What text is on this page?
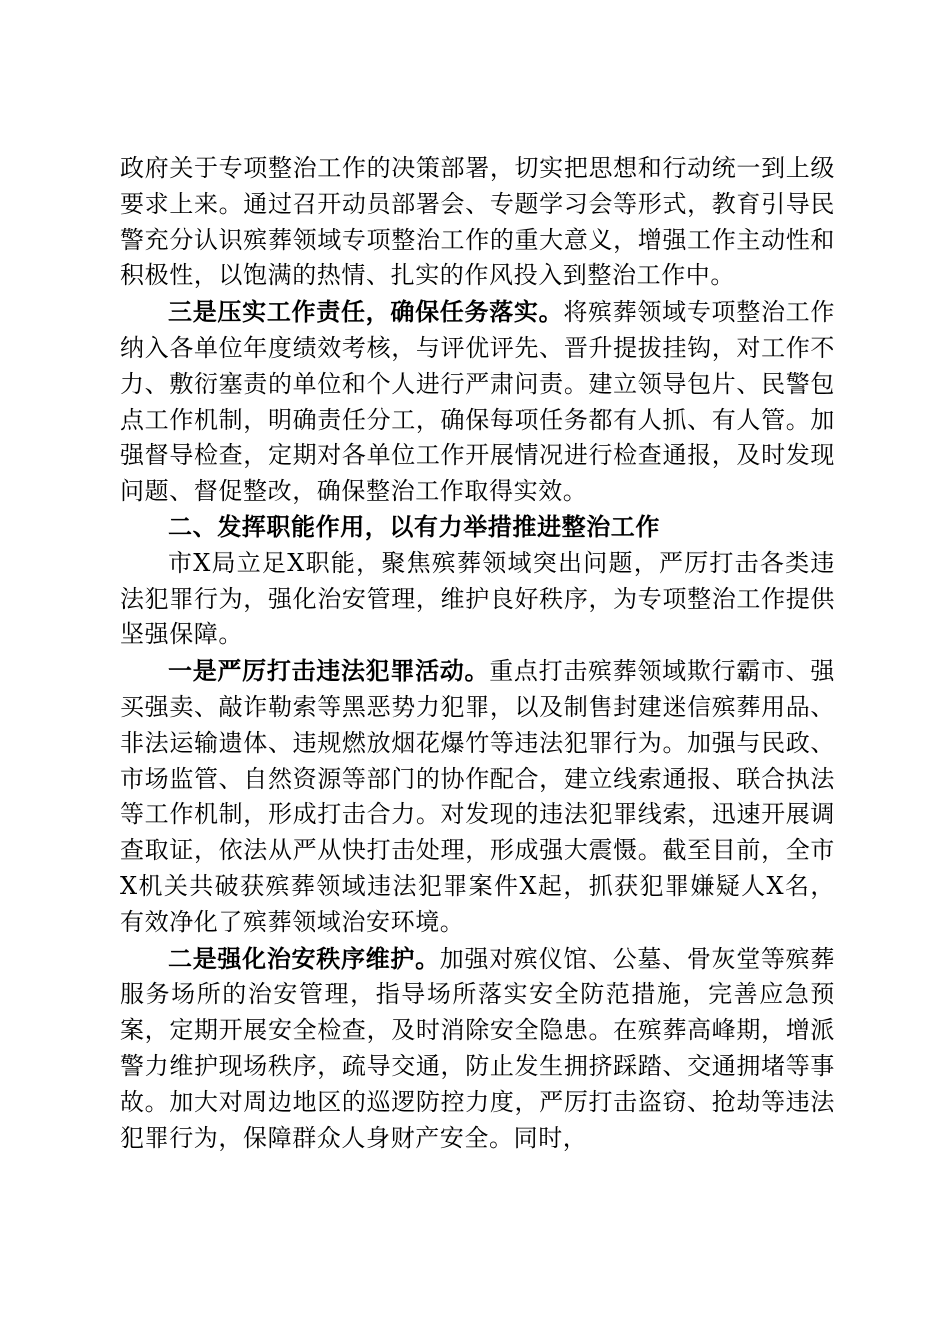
政府关于专项整治工作的决策部署，切实把思想和行动统一到上级要求上来。通过召开动员部署会、专题学习会等形式，教育引导民警充分认识殡葬领域专项整治工作的重大意义，增强工作主动性和积极性，以饱满的热情、扎实的作风投入到整治工作中。

三是压实工作责任，确保任务落实。将殡葬领域专项整治工作纳入各单位年度绩效考核，与评优评先、晋升提拔挂钩，对工作不力、敷衍塞责的单位和个人进行严肃问责。建立领导包片、民警包点工作机制，明确责任分工，确保每项任务都有人抓、有人管。加强督导检查，定期对各单位工作开展情况进行检查通报，及时发现问题、督促整改，确保整治工作取得实效。

二、发挥职能作用，以有力举措推进整治工作

市X局立足X职能，聚焦殡葬领域突出问题，严厉打击各类违法犯罪行为，强化治安管理，维护良好秩序，为专项整治工作提供坚强保障。

一是严厉打击违法犯罪活动。重点打击殡葬领域欺行霸市、强买强卖、敲诈勒索等黑恶势力犯罪，以及制售封建迷信殡葬用品、非法运输遗体、违规燃放烟花爆竹等违法犯罪行为。加强与民政、市场监管、自然资源等部门的协作配合，建立线索通报、联合执法等工作机制，形成打击合力。对发现的违法犯罪线索，迅速开展调查取证，依法从严从快打击处理，形成强大震慑。截至目前，全市X机关共破获殡葬领域违法犯罪案件X起，抓获犯罪嫌疑人X名，有效净化了殡葬领域治安环境。

二是强化治安秩序维护。加强对殡仪馆、公墓、骨灰堂等殡葬服务场所的治安管理，指导场所落实安全防范措施，完善应急预案，定期开展安全检查，及时消除安全隐患。在殡葬高峰期，增派警力维护现场秩序，疏导交通，防止发生拥挤踩踏、交通拥堵等事故。加大对周边地区的巡逻防控力度，严厉打击盗窃、抢劫等违法犯罪行为，保障群众人身财产安全。同时，
